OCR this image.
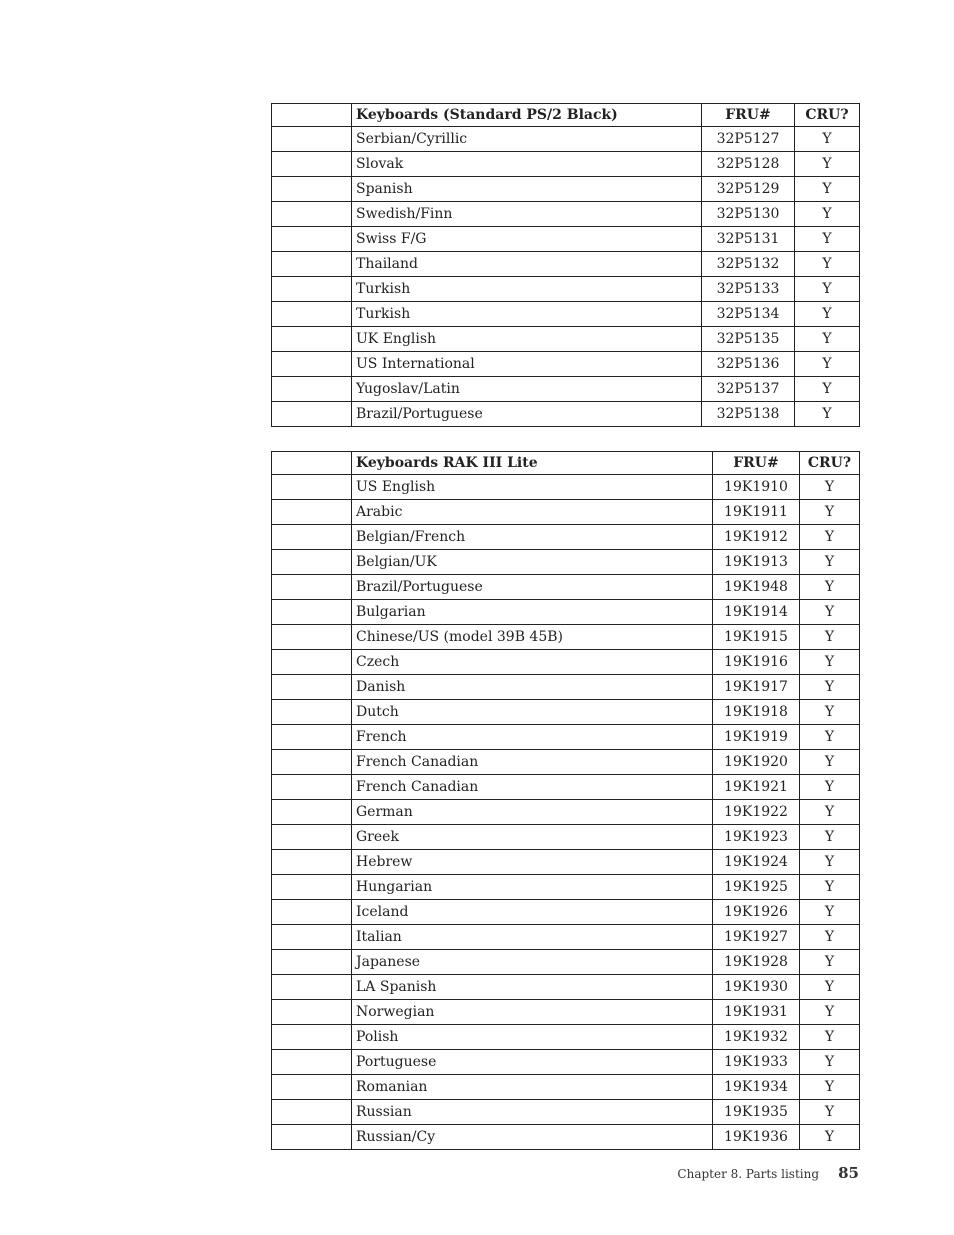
	Keyboards (Standard PS/2 Black)	FRU#	CRU?
	Serbian/Cyrillic	32P5127	Y
	Slovak	32P5128	Y
	Spanish	32P5129	Y
	Swedish/Finn	32P5130	Y
	Swiss F/G	32P5131	Y
	Thailand	32P5132	Y
	Turkish	32P5133	Y
	Turkish	32P5134	Y
	UK English	32P5135	Y
	US International	32P5136	Y
	Yugoslav/Latin	32P5137	Y
	Brazil/Portuguese	32P5138	Y
	Keyboards RAK III Lite	FRU#	CRU?
	US English	19K1910	Y
	Arabic	19K1911	Y
	Belgian/French	19K1912	Y
	Belgian/UK	19K1913	Y
	Brazil/Portuguese	19K1948	Y
	Bulgarian	19K1914	Y
	Chinese/US (model 39B 45B)	19K1915	Y
	Czech	19K1916	Y
	Danish	19K1917	Y
	Dutch	19K1918	Y
	French	19K1919	Y
	French Canadian	19K1920	Y
	French Canadian	19K1921	Y
	German	19K1922	Y
	Greek	19K1923	Y
	Hebrew	19K1924	Y
	Hungarian	19K1925	Y
	Iceland	19K1926	Y
	Italian	19K1927	Y
	Japanese	19K1928	Y
	LA Spanish	19K1930	Y
	Norwegian	19K1931	Y
	Polish	19K1932	Y
	Portuguese	19K1933	Y
	Romanian	19K1934	Y
	Russian	19K1935	Y
	Russian/Cy	19K1936	Y
Chapter 8. Parts listing 85
